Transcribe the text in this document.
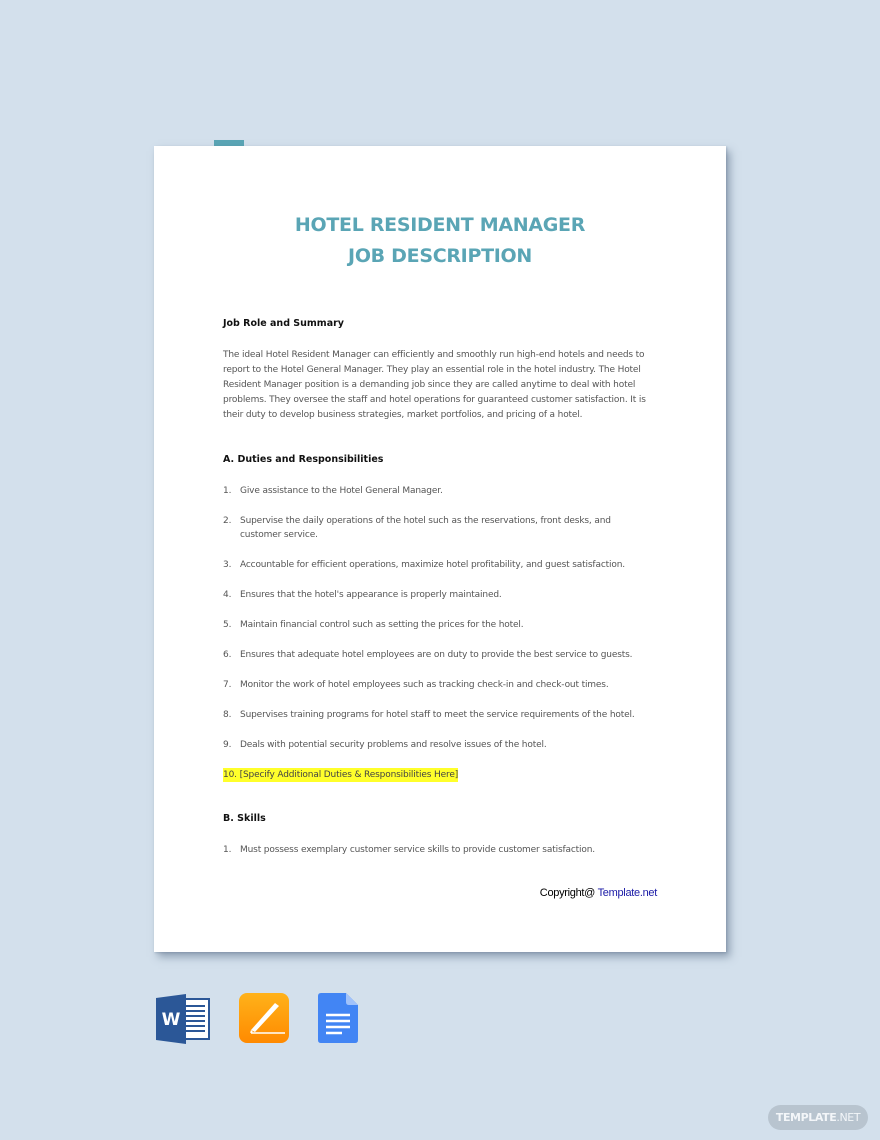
HOTEL RESIDENT MANAGER
JOB DESCRIPTION
Job Role and Summary
The ideal Hotel Resident Manager can efficiently and smoothly run high-end hotels and needs to
report to the Hotel General Manager. They play an essential role in the hotel industry. The Hotel
Resident Manager position is a demanding job since they are called anytime to deal with hotel
problems. They oversee the staff and hotel operations for guaranteed customer satisfaction. It is
their duty to develop business strategies, market portfolios, and pricing of a hotel.
A. Duties and Responsibilities
1. Give assistance to the Hotel General Manager.
2. Supervise the daily operations of the hotel such as the reservations, front desks, and customer service.
3. Accountable for efficient operations, maximize hotel profitability, and guest satisfaction.
4. Ensures that the hotel's appearance is properly maintained.
5. Maintain financial control such as setting the prices for the hotel.
6. Ensures that adequate hotel employees are on duty to provide the best service to guests.
7. Monitor the work of hotel employees such as tracking check-in and check-out times.
8. Supervises training programs for hotel staff to meet the service requirements of the hotel.
9. Deals with potential security problems and resolve issues of the hotel.
10. [Specify Additional Duties & Responsibilities Here]
B. Skills
1. Must possess exemplary customer service skills to provide customer satisfaction.
Copyright@ Template.net
W
TEMPLATE.NET
